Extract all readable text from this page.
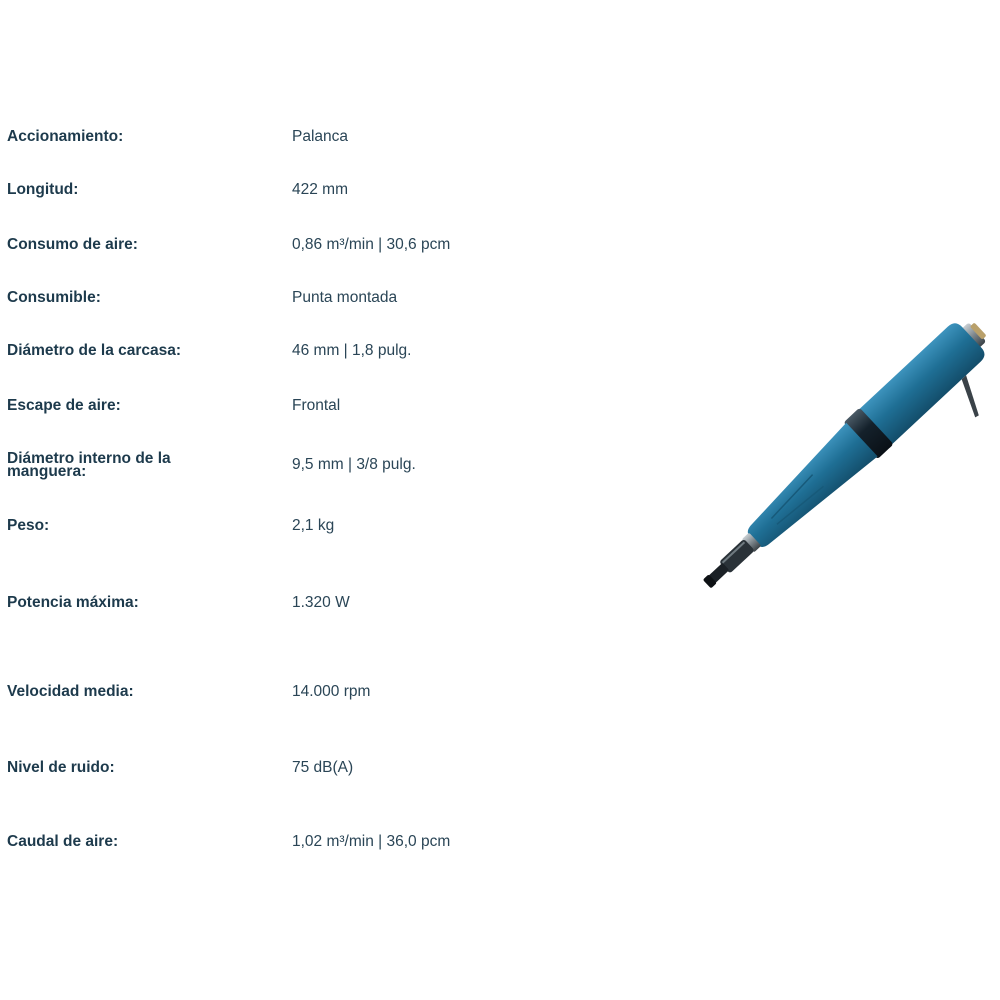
Accionamiento:	Palanca
Longitud:	422 mm
Consumo de aire:	0,86 m³/min | 30,6 pcm
Consumible:	Punta montada
Diámetro de la carcasa:	46 mm | 1,8 pulg.
Escape de aire:	Frontal
Diámetro interno de la manguera:	9,5 mm | 3/8 pulg.
Peso:	2,1 kg
Potencia máxima:	1.320 W
Velocidad media:	14.000 rpm
Nivel de ruido:	75 dB(A)
Caudal de aire:	1,02 m³/min | 36,0 pcm
